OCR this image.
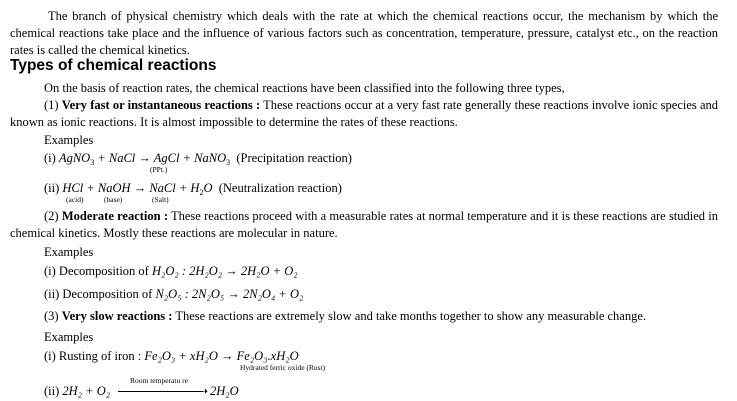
The branch of physical chemistry which deals with the rate at which the chemical reactions occur, the mechanism by which the chemical reactions take place and the influence of various factors such as concentration, temperature, pressure, catalyst etc., on the reaction rates is called the chemical kinetics.
Types of chemical reactions
On the basis of reaction rates, the chemical reactions have been classified into the following three types,
(1) Very fast or instantaneous reactions : These reactions occur at a very fast rate generally these reactions involve ionic species and known as ionic reactions. It is almost impossible to determine the rates of these reactions.
Examples
(i) AgNO$_3$ + NaCl → AgCl + NaNO$_3$ (Precipitation reaction)
(PPt.)
(ii) HCl + NaOH → NaCl + $H_2O$ (Neutralization reaction)
(acid)	(base)	(Salt)
(2) Moderate reaction : These reactions proceed with a measurable rates at normal temperature and it is these reactions are studied in chemical kinetics. Mostly these reactions are molecular in nature.
Examples
(i) Decomposition of H₂O₂ : 2H₂O₂ → 2H₂O + O₂
(ii) Decomposition of N₂O₅ : 2N₂O₅ → 2N₂O₄ + O₂
(3) Very slow reactions : These reactions are extremely slow and take months together to show any measurable change.
Examples
(i) Rusting of iron : Fe₂O₃ + xH₂O → Fe₂O₃.xH₂O
Hydrated ferric oxide (Rust)
(ii) 2H₂ + O₂
Room temperatu re
➝ 2H₂O
